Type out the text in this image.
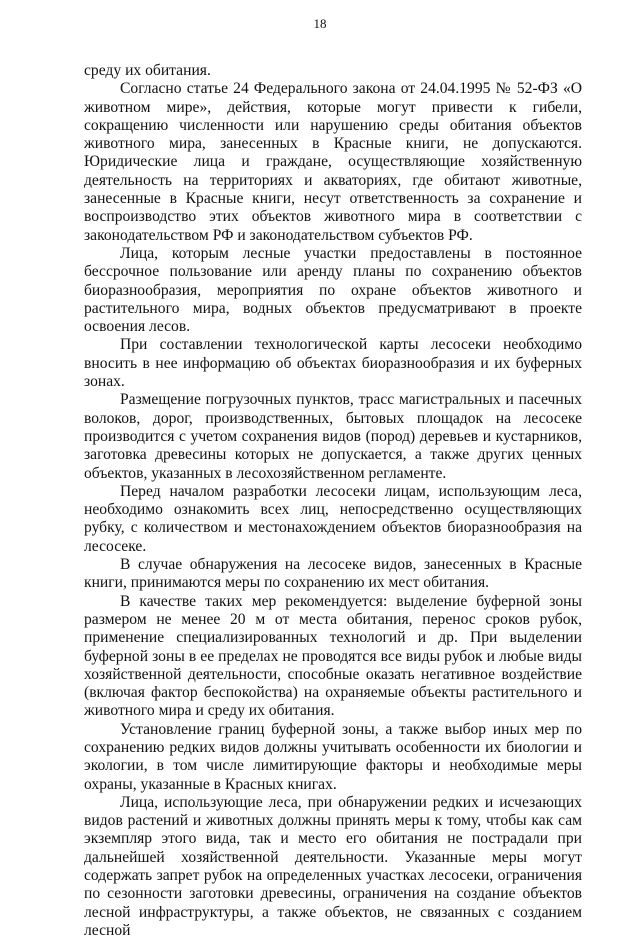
18

среду их обитания.

Согласно статье 24 Федерального закона от 24.04.1995 № 52-ФЗ «О животном мире», действия, которые могут привести к гибели, сокращению численности или нарушению среды обитания объектов животного мира, занесенных в Красные книги, не допускаются. Юридические лица и граждане, осуществляющие хозяйственную деятельность на территориях и акваториях, где обитают животные, занесенные в Красные книги, несут ответственность за сохранение и воспроизводство этих объектов животного мира в соответствии с законодательством РФ и законодательством субъектов РФ.

Лица, которым лесные участки предоставлены в постоянное бессрочное пользование или аренду планы по сохранению объектов биоразнообразия, мероприятия по охране объектов животного и растительного мира, водных объектов предусматривают в проекте освоения лесов.

При составлении технологической карты лесосеки необходимо вносить в нее информацию об объектах биоразнообразия и их буферных зонах.

Размещение погрузочных пунктов, трасс магистральных и пасечных волоков, дорог, производственных, бытовых площадок на лесосеке производится с учетом сохранения видов (пород) деревьев и кустарников, заготовка древесины которых не допускается, а также других ценных объектов, указанных в лесохозяйственном регламенте.

Перед началом разработки лесосеки лицам, использующим леса, необходимо ознакомить всех лиц, непосредственно осуществляющих рубку, с количеством и местонахождением объектов биоразнообразия на лесосеке.

В случае обнаружения на лесосеке видов, занесенных в Красные книги, принимаются меры по сохранению их мест обитания.

В качестве таких мер рекомендуется: выделение буферной зоны размером не менее 20 м от места обитания, перенос сроков рубок, применение специализированных технологий и др. При выделении буферной зоны в ее пределах не проводятся все виды рубок и любые виды хозяйственной деятельности, способные оказать негативное воздействие (включая фактор беспокойства) на охраняемые объекты растительного и животного мира и среду их обитания.

Установление границ буферной зоны, а также выбор иных мер по сохранению редких видов должны учитывать особенности их биологии и экологии, в том числе лимитирующие факторы и необходимые меры охраны, указанные в Красных книгах.

Лица, использующие леса, при обнаружении редких и исчезающих видов растений и животных должны принять меры к тому, чтобы как сам экземпляр этого вида, так и место его обитания не пострадали при дальнейшей хозяйственной деятельности. Указанные меры могут содержать запрет рубок на определенных участках лесосеки, ограничения по сезонности заготовки древесины, ограничения на создание объектов лесной инфраструктуры, а также объектов, не связанных с созданием лесной
